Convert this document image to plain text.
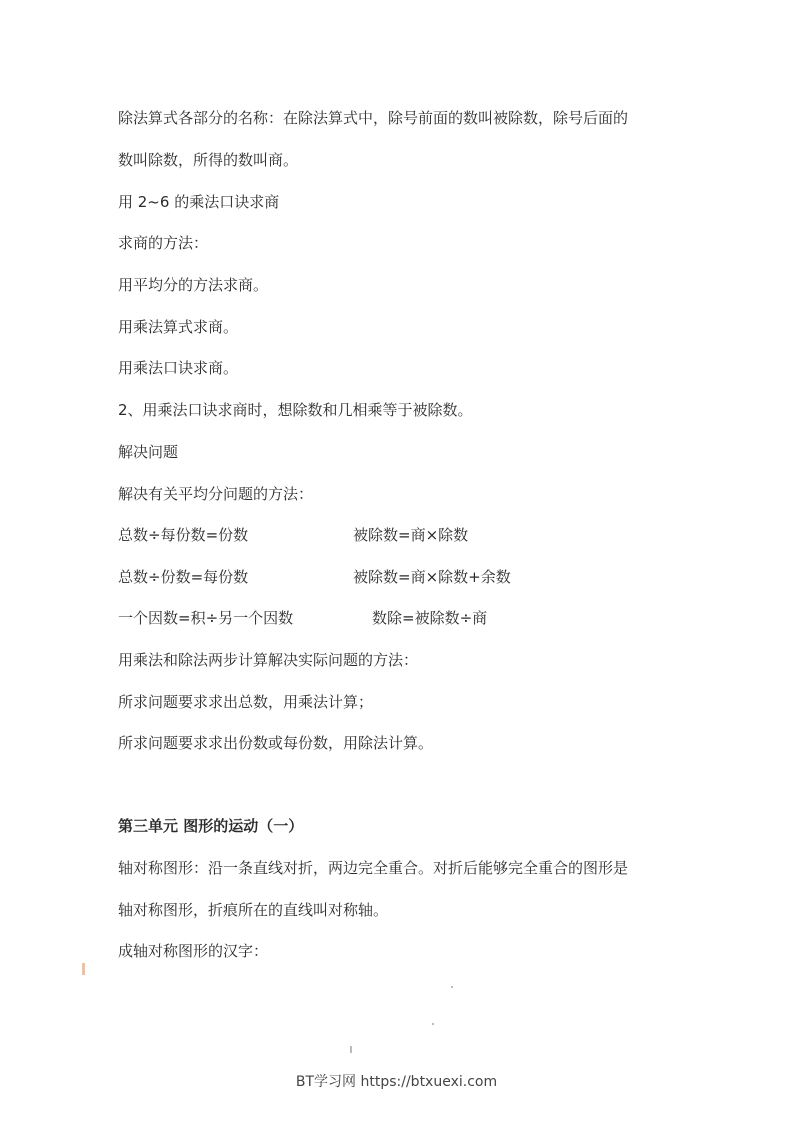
除法算式各部分的名称：在除法算式中，除号前面的数叫被除数，除号后面的
数叫除数，所得的数叫商。
用 2~6 的乘法口诀求商
求商的方法：
用平均分的方法求商。
用乘法算式求商。
用乘法口诀求商。
2、用乘法口诀求商时，想除数和几相乘等于被除数。
解决问题
解决有关平均分问题的方法：
总数÷每份数=份数	被除数=商×除数
总数÷份数=每份数	被除数=商×除数+余数
一个因数=积÷另一个因数	数除=被除数÷商
用乘法和除法两步计算解决实际问题的方法：
所求问题要求求出总数，用乘法计算；
所求问题要求求出份数或每份数，用除法计算。
第三单元 图形的运动（一）
轴对称图形：沿一条直线对折，两边完全重合。对折后能够完全重合的图形是
轴对称图形，折痕所在的直线叫对称轴。
成轴对称图形的汉字：
BT学习网 https://btxuexi.com
